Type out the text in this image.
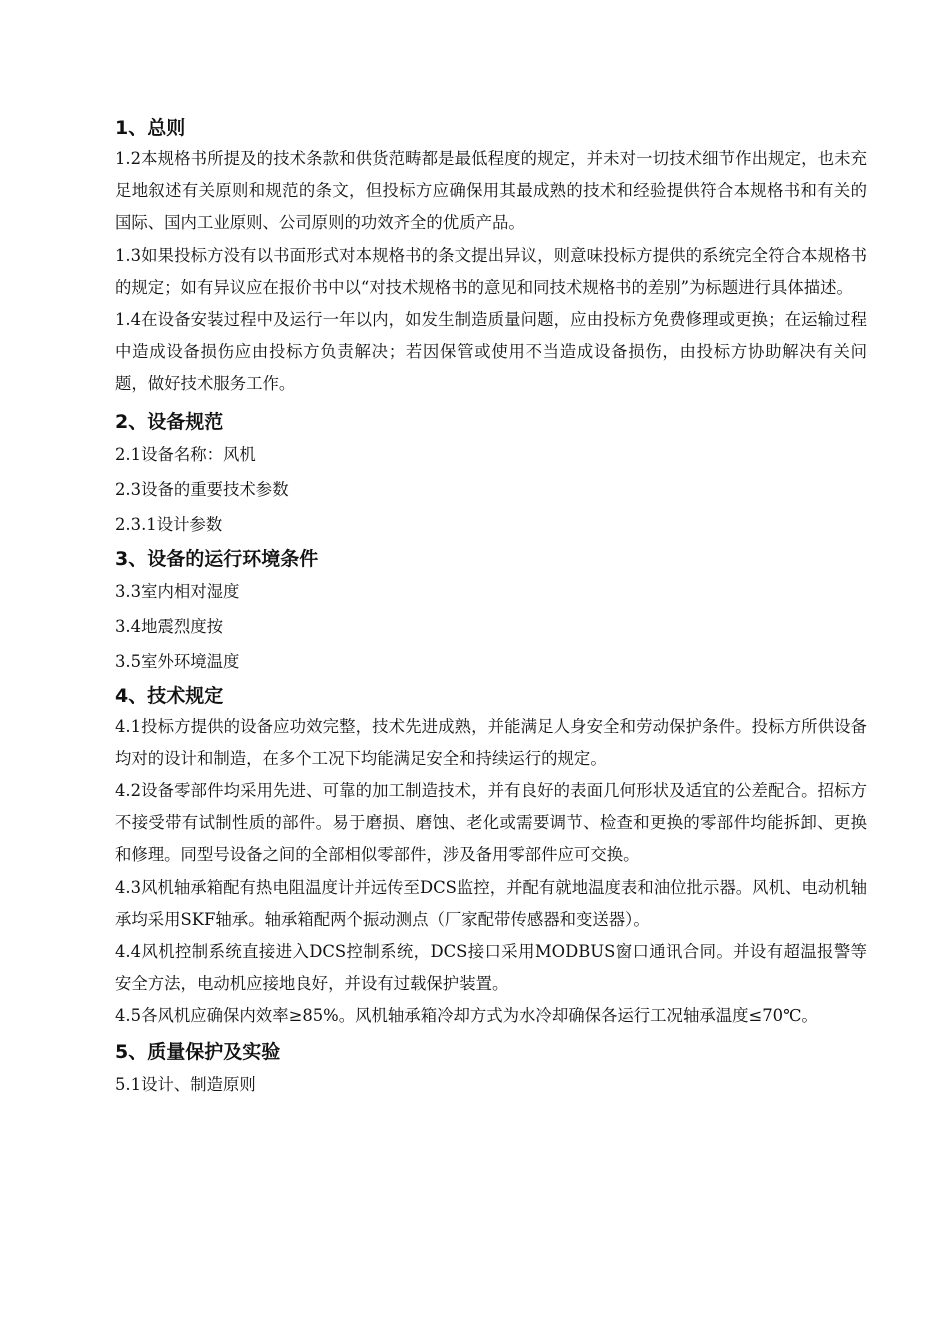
1、总则

1.2本规格书所提及的技术条款和供货范畴都是最低程度的规定，并未对一切技术细节作出规定，也未充足地叙述有关原则和规范的条文，但投标方应确保用其最成熟的技术和经验提供符合本规格书和有关的国际、国内工业原则、公司原则的功效齐全的优质产品。

1.3如果投标方没有以书面形式对本规格书的条文提出异议，则意味投标方提供的系统完全符合本规格书的规定；如有异议应在报价书中以“对技术规格书的意见和同技术规格书的差别”为标题进行具体描述。

1.4在设备安装过程中及运行一年以内，如发生制造质量问题，应由投标方免费修理或更换；在运输过程中造成设备损伤应由投标方负责解决；若因保管或使用不当造成设备损伤，由投标方协助解决有关问题，做好技术服务工作。

2、设备规范

2.1设备名称：风机

2.3设备的重要技术参数

2.3.1设计参数

3、设备的运行环境条件

3.3室内相对湿度

3.4地震烈度按

3.5室外环境温度

4、技术规定

4.1投标方提供的设备应功效完整，技术先进成熟，并能满足人身安全和劳动保护条件。投标方所供设备均对的设计和制造，在多个工况下均能满足安全和持续运行的规定。

4.2设备零部件均采用先进、可靠的加工制造技术，并有良好的表面几何形状及适宜的公差配合。招标方不接受带有试制性质的部件。易于磨损、磨蚀、老化或需要调节、检查和更换的零部件均能拆卸、更换和修理。同型号设备之间的全部相似零部件，涉及备用零部件应可交换。

4.3风机轴承箱配有热电阻温度计并远传至DCS监控，并配有就地温度表和油位批示器。风机、电动机轴承均采用SKF轴承。轴承箱配两个振动测点（厂家配带传感器和变送器）。

4.4风机控制系统直接进入DCS控制系统，DCS接口采用MODBUS窗口通讯合同。并设有超温报警等安全方法，电动机应接地良好，并设有过载保护装置。

4.5各风机应确保内效率≥85%。风机轴承箱冷却方式为水冷却确保各运行工况轴承温度≤70℃。

5、质量保护及实验

5.1设计、制造原则
